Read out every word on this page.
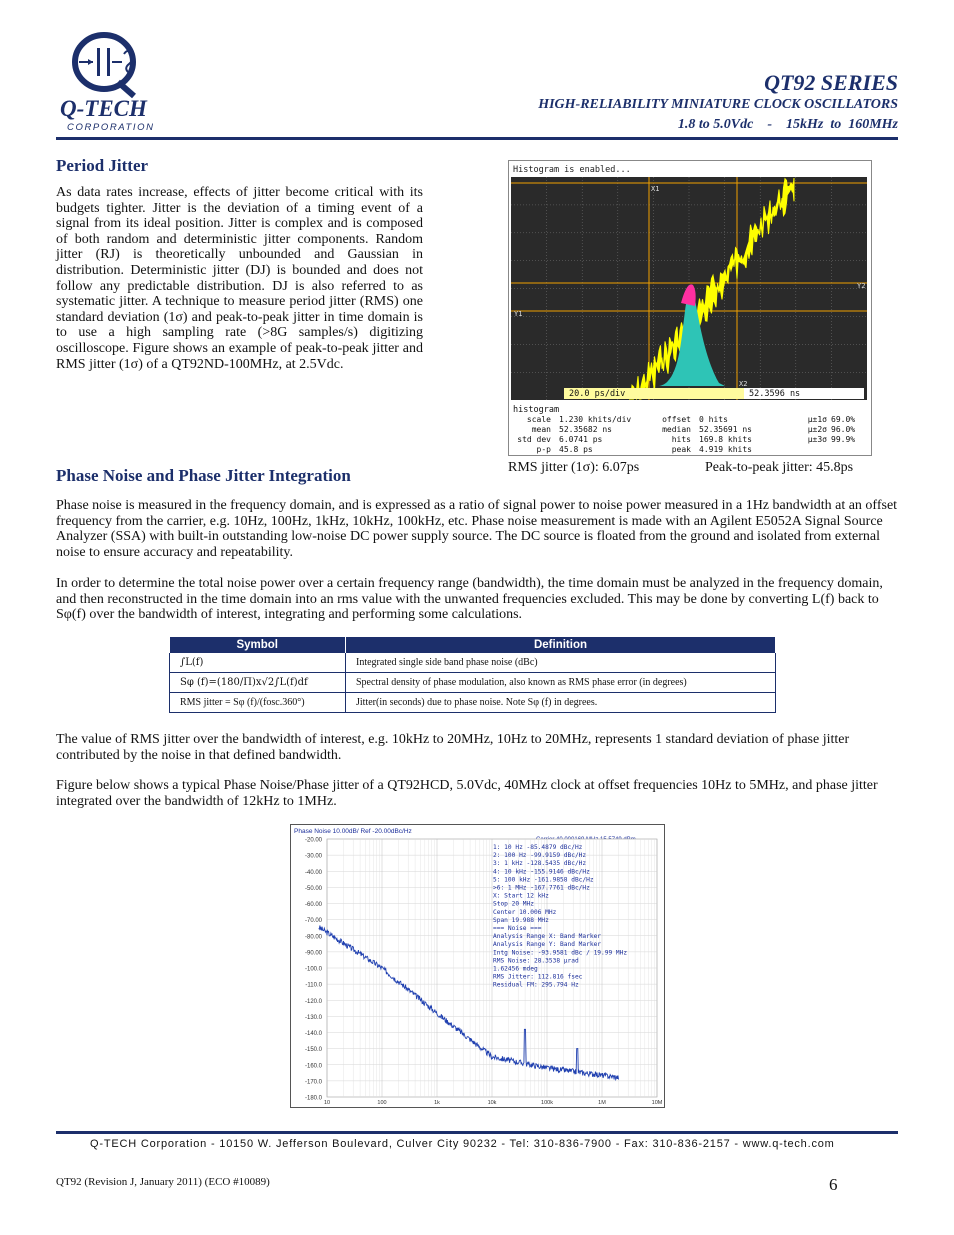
Q-TECH
CORPORATION
QT92 SERIES
HIGH-RELIABILITY MINIATURE CLOCK OSCILLATORS
1.8 to 5.0Vdc    -    15kHz  to  160MHz
Period Jitter
As data rates increase, effects of jitter become critical with its budgets tighter. Jitter is the deviation of a timing event of a signal from its ideal position. Jitter is complex and is composed of both random and deterministic jitter components. Random jitter (RJ) is theoretically unbounded and Gaussian in distribution. Deterministic jitter (DJ) is bounded and does not follow any predictable distribution. DJ is also referred to as systematic jitter. A technique to measure period jitter (RMS) one standard deviation (1σ) and peak-to-peak jitter in time domain is to use a high sampling rate (>8G samples/s) digitizing oscilloscope. Figure shows an example of peak-to-peak jitter and RMS jitter (1σ) of a QT92ND-100MHz, at 2.5Vdc.
Histogram is enabled...
X1
X2
Y1
Y2
20.0 ps/div	52.3596 ns
histogram
scale 1.230 khits/div	offset 0 hits	μ±1σ 69.0%
mean 52.35682 ns	median 52.35691 ns	μ±2σ 96.0%
std dev 6.0741 ps	hits 169.8 khits	μ±3σ 99.9%
p-p 45.8 ps	peak 4.919 khits
RMS jitter (1σ): 6.07ps	Peak-to-peak jitter: 45.8ps
Phase Noise and Phase Jitter Integration
Phase noise is measured in the frequency domain, and is expressed as a ratio of signal power to noise power measured in a 1Hz bandwidth at an offset frequency from the carrier, e.g. 10Hz, 100Hz, 1kHz, 10kHz, 100kHz, etc. Phase noise measurement is made with an Agilent E5052A Signal Source Analyzer (SSA) with built-in outstanding low-noise DC power supply source. The DC source is floated from the ground and isolated from external noise to ensure accuracy and repeatability.
In order to determine the total noise power over a certain frequency range (bandwidth), the time domain must be analyzed in the frequency domain, and then reconstructed in the time domain into an rms value with the unwanted frequencies excluded. This may be done by converting L(f) back to Sφ(f) over the bandwidth of interest, integrating and performing some calculations.
Symbol	Definition
∫L(f)	Integrated single side band phase noise (dBc)
Sφ (f)=(180/Π)x√2∫L(f)df	Spectral density of phase modulation, also known as RMS phase error (in degrees)
RMS jitter = Sφ (f)/(fosc.360°)	Jitter(in seconds) due to phase noise. Note Sφ (f) in degrees.
The value of RMS jitter over the bandwidth of interest, e.g. 10kHz to 20MHz, 10Hz to 20MHz, represents 1 standard deviation of phase jitter contributed by the noise in that defined bandwidth.
Figure below shows a typical Phase Noise/Phase jitter of a QT92HCD, 5.0Vdc, 40MHz clock at offset frequencies 10Hz to 5MHz, and phase jitter integrated over the bandwidth of 12kHz to 1MHz.
Phase Noise 10.00dB/ Ref -20.00dBc/Hz
-20.00
-30.00
-40.00
-50.00
-60.00
-70.00
-80.00
-90.00
-100.0
-110.0
-120.0
-130.0
-140.0
-150.0
-160.0
-170.0
-180.0
10	100	1k	10k	100k	1M	10M
1: 10 Hz -85.4879 dBc/Hz
2: 100 Hz -99.9159 dBc/Hz
3: 1 kHz -128.5435 dBc/Hz
4: 10 kHz -155.9146 dBc/Hz
5: 100 kHz -161.9858 dBc/Hz
>6: 1 MHz -167.7761 dBc/Hz
X: Start 12 kHz
Stop 20 MHz
Center 10.006 MHz
Span 19.988 MHz
=== Noise ===
Analysis Range X: Band Marker
Analysis Range Y: Band Marker
Intg Noise: -93.9581 dBc / 19.99 MHz
RMS Noise: 28.3538 μrad
1.62456 mdeg
RMS Jitter: 112.816 fsec
Residual FM: 295.794 Hz
Q-TECH Corporation - 10150 W. Jefferson Boulevard, Culver City 90232 - Tel: 310-836-7900 - Fax: 310-836-2157 - www.q-tech.com
QT92 (Revision J, January 2011) (ECO #10089)	6
